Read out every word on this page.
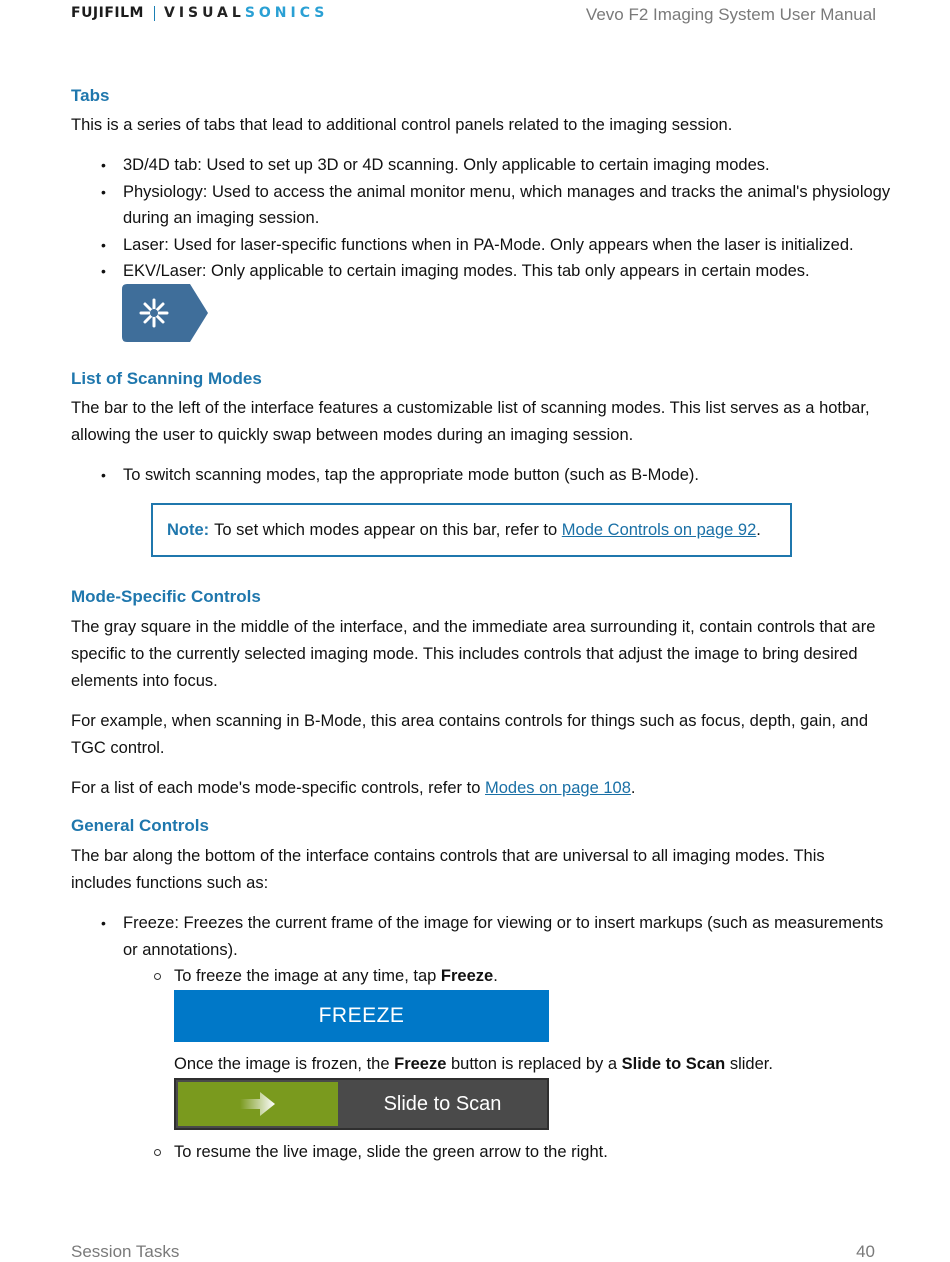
FUJIFILM VISUAL SONICS	Vevo F2 Imaging System User Manual
Tabs
This is a series of tabs that lead to additional control panels related to the imaging session.
• 3D/4D tab: Used to set up 3D or 4D scanning. Only applicable to certain imaging modes.
• Physiology: Used to access the animal monitor menu, which manages and tracks the animal's physiology during an imaging session.
• Laser: Used for laser-specific functions when in PA-Mode. Only appears when the laser is initialized.
• EKV/Laser: Only applicable to certain imaging modes. This tab only appears in certain modes.
List of Scanning Modes
The bar to the left of the interface features a customizable list of scanning modes. This list serves as a hotbar, allowing the user to quickly swap between modes during an imaging session.
• To switch scanning modes, tap the appropriate mode button (such as B-Mode).
Note: To set which modes appear on this bar, refer to
Mode Controls on page 92 .
Mode-Specific Controls
The gray square in the middle of the interface, and the immediate area surrounding it, contain controls that are specific to the currently selected imaging mode. This includes controls that adjust the image to bring desired elements into focus.
For example, when scanning in B-Mode, this area contains controls for things such as focus, depth, gain, and TGC control.
For a list of each mode's mode-specific controls, refer to Modes on page 108.
General Controls
The bar along the bottom of the interface contains controls that are universal to all imaging modes. This includes functions such as:
• Freeze: Freezes the current frame of the image for viewing or to insert markups (such as measurements or annotations).
To freeze the image at any time, tap Freeze.
FREEZE
Once the image is frozen, the Freeze button is replaced by a Slide to Scan slider.
Slide to Scan
To resume the live image, slide the green arrow to the right.
Session Tasks	40
